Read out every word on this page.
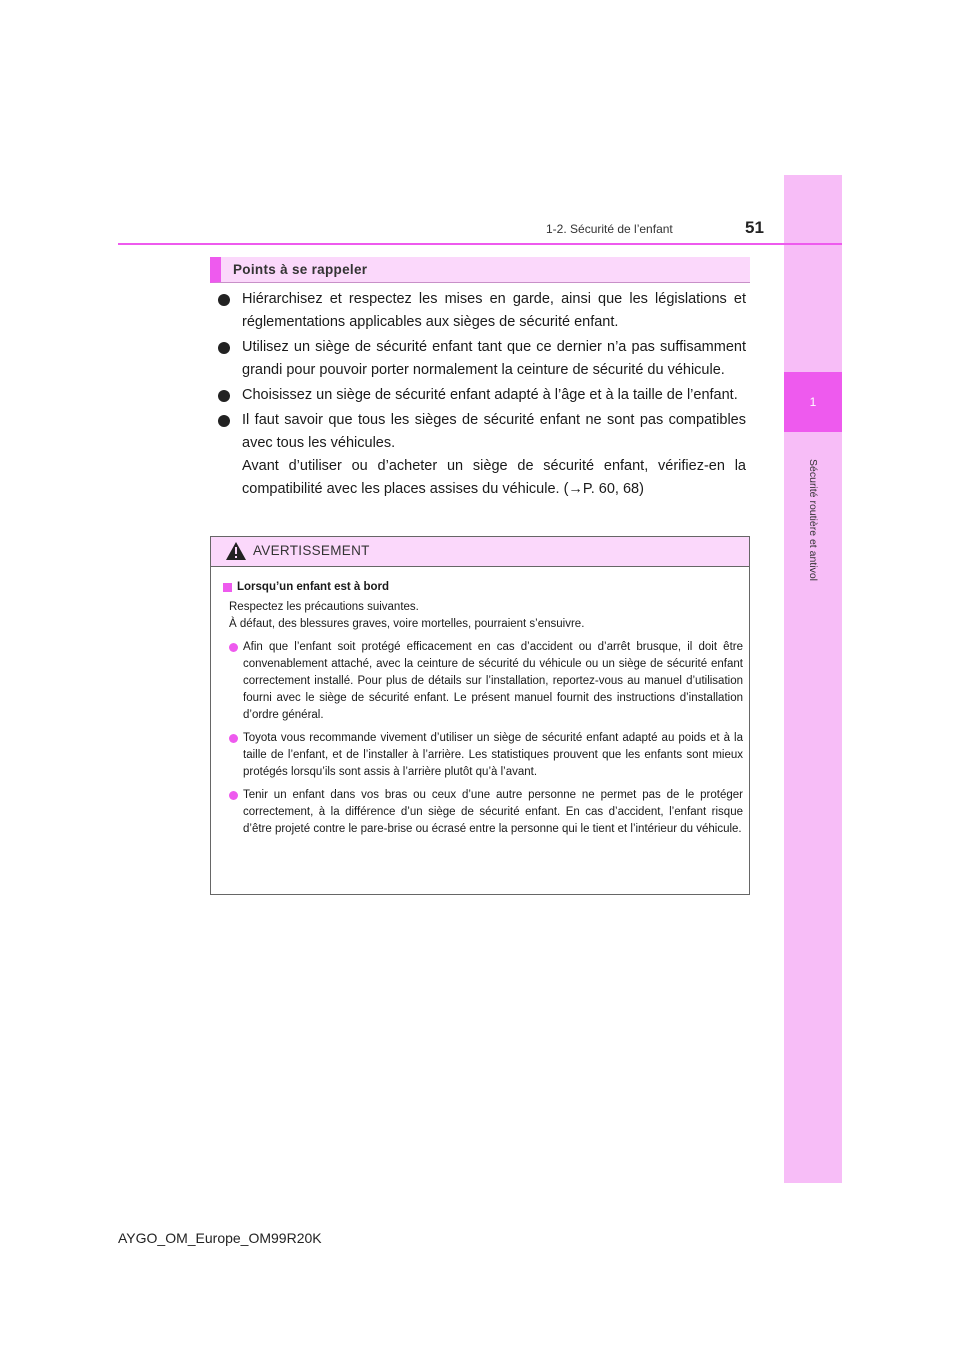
1
Sécurité routière et antivol
1-2. Sécurité de l’enfant	51
Points à se rappeler
Hiérarchisez et respectez les mises en garde, ainsi que les législations et réglementations applicables aux sièges de sécurité enfant.
Utilisez un siège de sécurité enfant tant que ce dernier n’a pas suffisamment grandi pour pouvoir porter normalement la ceinture de sécurité du véhicule.
Choisissez un siège de sécurité enfant adapté à l’âge et à la taille de l’enfant.
Il faut savoir que tous les sièges de sécurité enfant ne sont pas compatibles avec tous les véhicules.
Avant d’utiliser ou d’acheter un siège de sécurité enfant, vérifiez-en la compatibilité avec les places assises du véhicule. (→P. 60, 68)
AVERTISSEMENT
Lorsqu’un enfant est à bord
Respectez les précautions suivantes.
À défaut, des blessures graves, voire mortelles, pourraient s’ensuivre.
Afin que l’enfant soit protégé efficacement en cas d’accident ou d’arrêt brusque, il doit être convenablement attaché, avec la ceinture de sécurité du véhicule ou un siège de sécurité enfant correctement installé. Pour plus de détails sur l’installation, reportez-vous au manuel d’utilisation fourni avec le siège de sécurité enfant. Le présent manuel fournit des instructions d’installation d’ordre général.
Toyota vous recommande vivement d’utiliser un siège de sécurité enfant adapté au poids et à la taille de l’enfant, et de l’installer à l’arrière. Les statistiques prouvent que les enfants sont mieux protégés lorsqu’ils sont assis à l’arrière plutôt qu’à l’avant.
Tenir un enfant dans vos bras ou ceux d’une autre personne ne permet pas de le protéger correctement, à la différence d’un siège de sécurité enfant. En cas d’accident, l’enfant risque d’être projeté contre le pare-brise ou écrasé entre la personne qui le tient et l’intérieur du véhicule.
AYGO_OM_Europe_OM99R20K
